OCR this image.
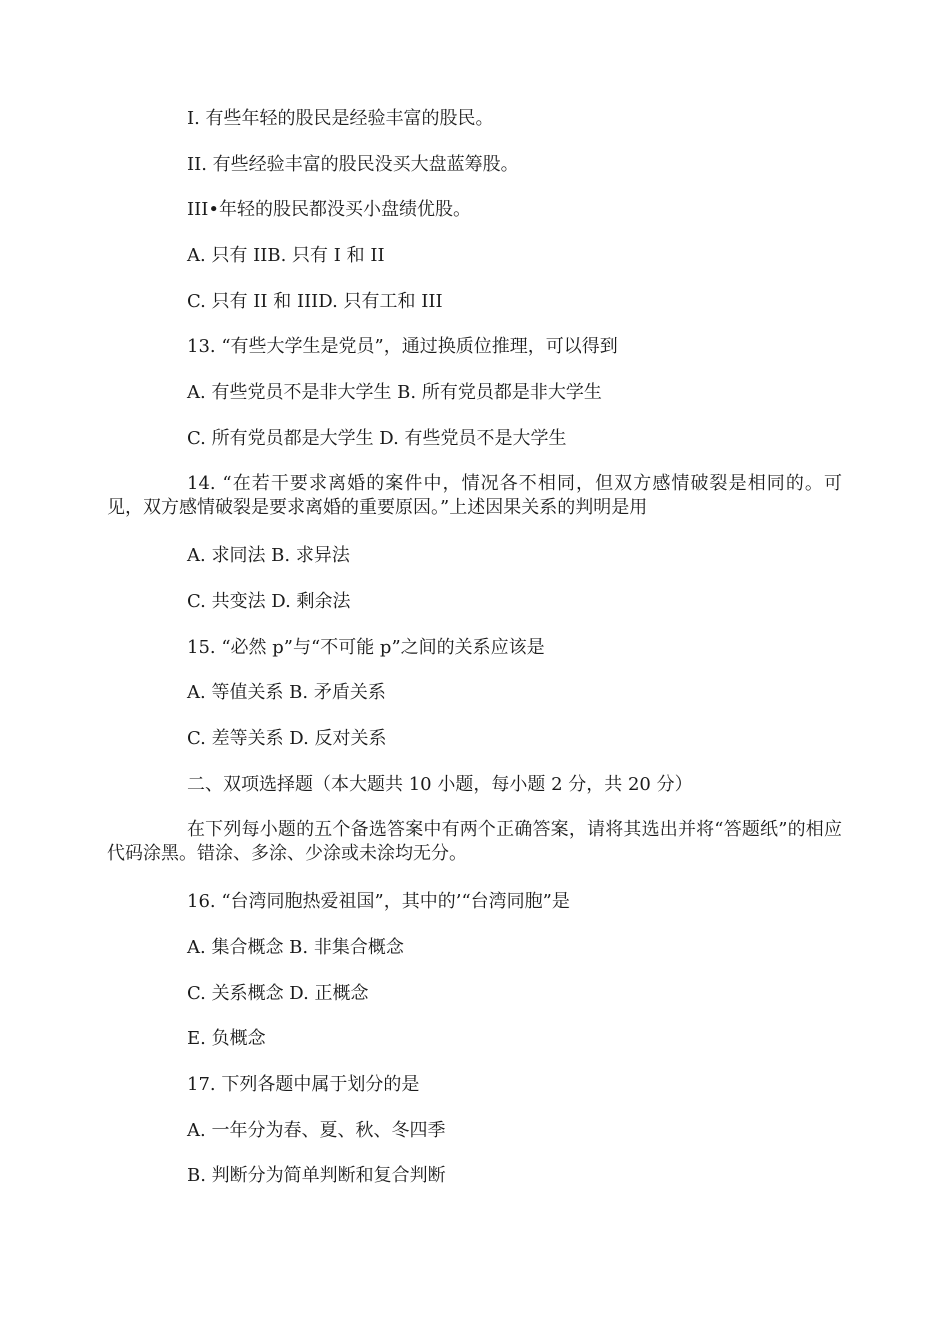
I. 有些年轻的股民是经验丰富的股民。
II. 有些经验丰富的股民没买大盘蓝筹股。
III•年轻的股民都没买小盘绩优股。
A. 只有 IIB. 只有 I 和 II
C. 只有 II 和 IIID. 只有工和 III
13. “有些大学生是党员”，通过换质位推理，可以得到
A. 有些党员不是非大学生 B. 所有党员都是非大学生
C. 所有党员都是大学生 D. 有些党员不是大学生
14. “在若干要求离婚的案件中，情况各不相同，但双方感情破裂是相同的。可见，双方感情破裂是要求离婚的重要原因。”上述因果关系的判明是用
A. 求同法 B. 求异法
C. 共变法 D. 剩余法
15. “必然 p”与“不可能 p”之间的关系应该是
A. 等值关系 B. 矛盾关系
C. 差等关系 D. 反对关系
二、双项选择题（本大题共 10 小题，每小题 2 分，共 20 分）
在下列每小题的五个备选答案中有两个正确答案，请将其选出并将“答题纸”的相应代码涂黑。错涂、多涂、少涂或未涂均无分。
16. “台湾同胞热爱祖国”，其中的’“台湾同胞”是
A. 集合概念 B. 非集合概念
C. 关系概念 D. 正概念
E. 负概念
17. 下列各题中属于划分的是
A. 一年分为春、夏、秋、冬四季
B. 判断分为简单判断和复合判断
